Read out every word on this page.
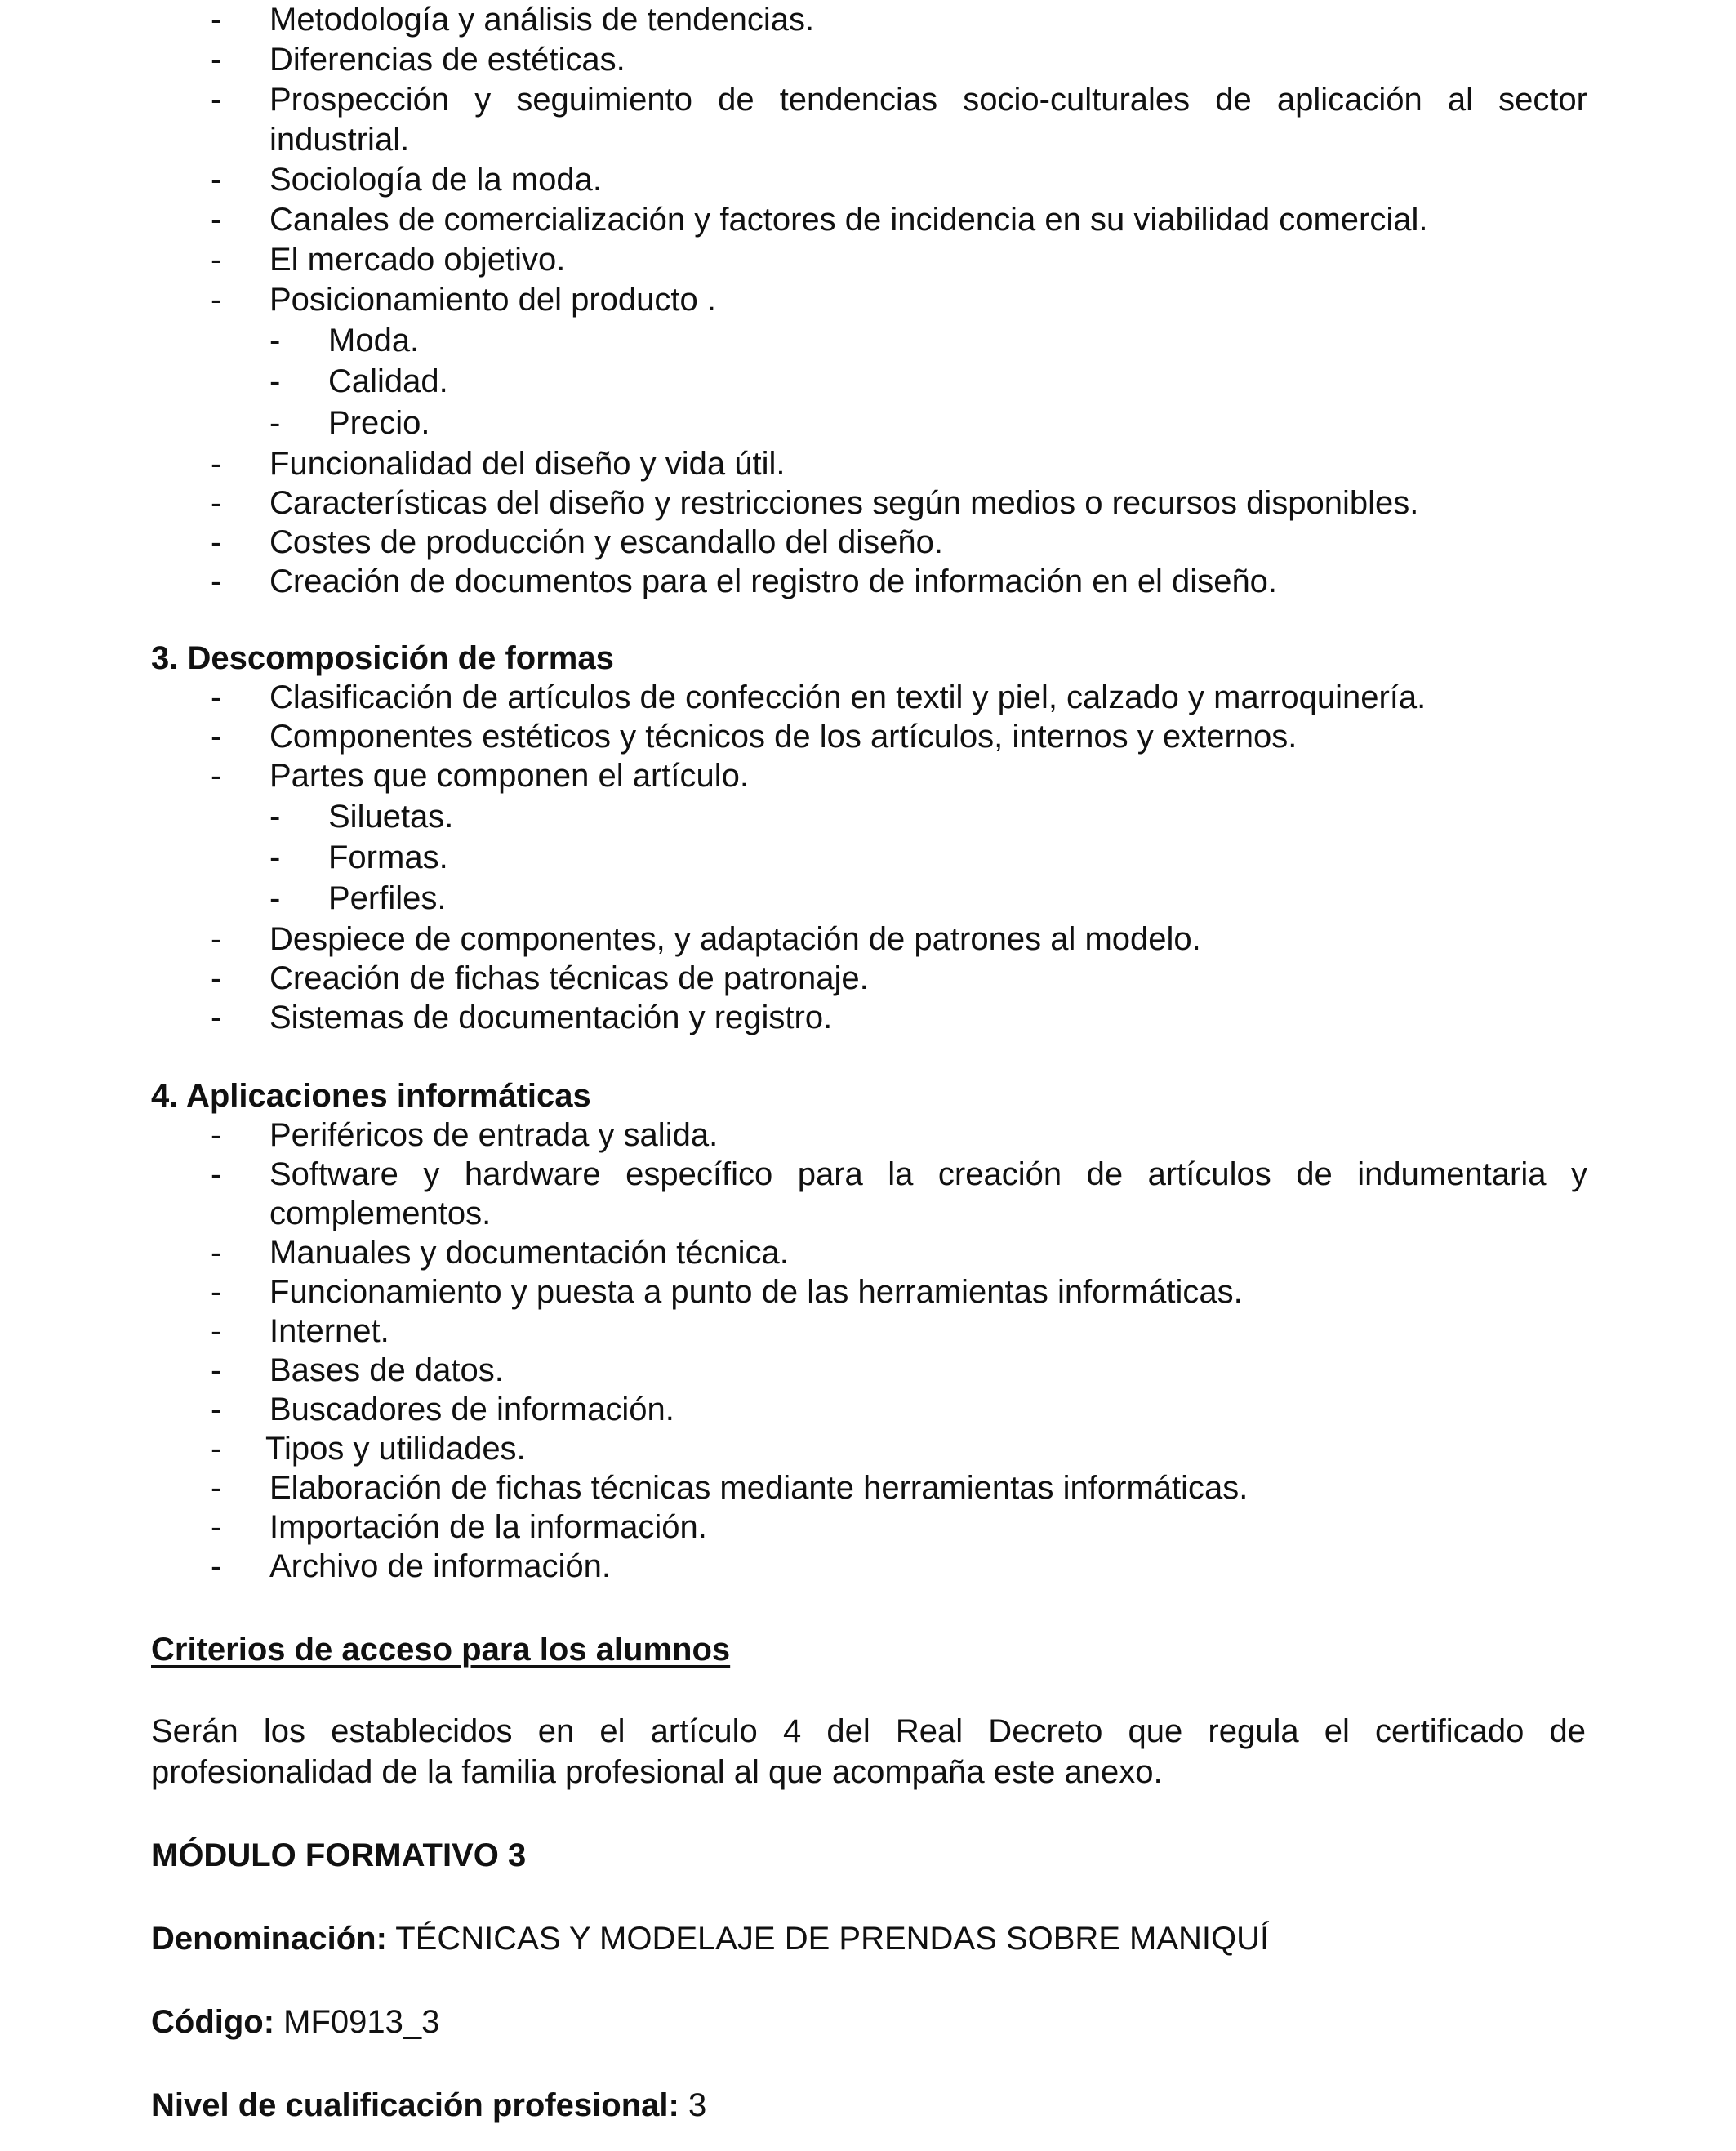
- Metodología y análisis de tendencias.
- Diferencias de estéticas.
- Prospección y seguimiento de tendencias socio-culturales de aplicación al sector
industrial.
- Sociología de la moda.
- Canales de comercialización y factores de incidencia en su viabilidad comercial.
- El mercado objetivo.
- Posicionamiento del producto .
- Moda.
- Calidad.
- Precio.
- Funcionalidad del diseño y vida útil.
- Características del diseño y restricciones según medios o recursos disponibles.
- Costes de producción y escandallo del diseño.
- Creación de documentos para el registro de información en el diseño.
3. Descomposición de formas
- Clasificación de artículos de confección en textil y piel, calzado y marroquinería.
- Componentes estéticos y técnicos de los artículos, internos y externos.
- Partes que componen el artículo.
- Siluetas.
- Formas.
- Perfiles.
- Despiece de componentes, y adaptación de patrones al modelo.
- Creación de fichas técnicas de patronaje.
- Sistemas de documentación y registro.
4. Aplicaciones informáticas
- Periféricos de entrada y salida.
- Software y hardware específico para la creación de artículos de indumentaria y
complementos.
- Manuales y documentación técnica.
- Funcionamiento y puesta a punto de las herramientas informáticas.
- Internet.
- Bases de datos.
- Buscadores de información.
- Tipos y utilidades.
- Elaboración de fichas técnicas mediante herramientas informáticas.
- Importación de la información.
- Archivo de información.
Criterios de acceso para los alumnos
Serán los establecidos en el artículo 4 del Real Decreto que regula el certificado de
profesionalidad de la familia profesional al que acompaña este anexo.
MÓDULO FORMATIVO 3
Denominación: TÉCNICAS Y MODELAJE DE PRENDAS SOBRE MANIQUÍ
Código: MF0913_3
Nivel de cualificación profesional: 3
